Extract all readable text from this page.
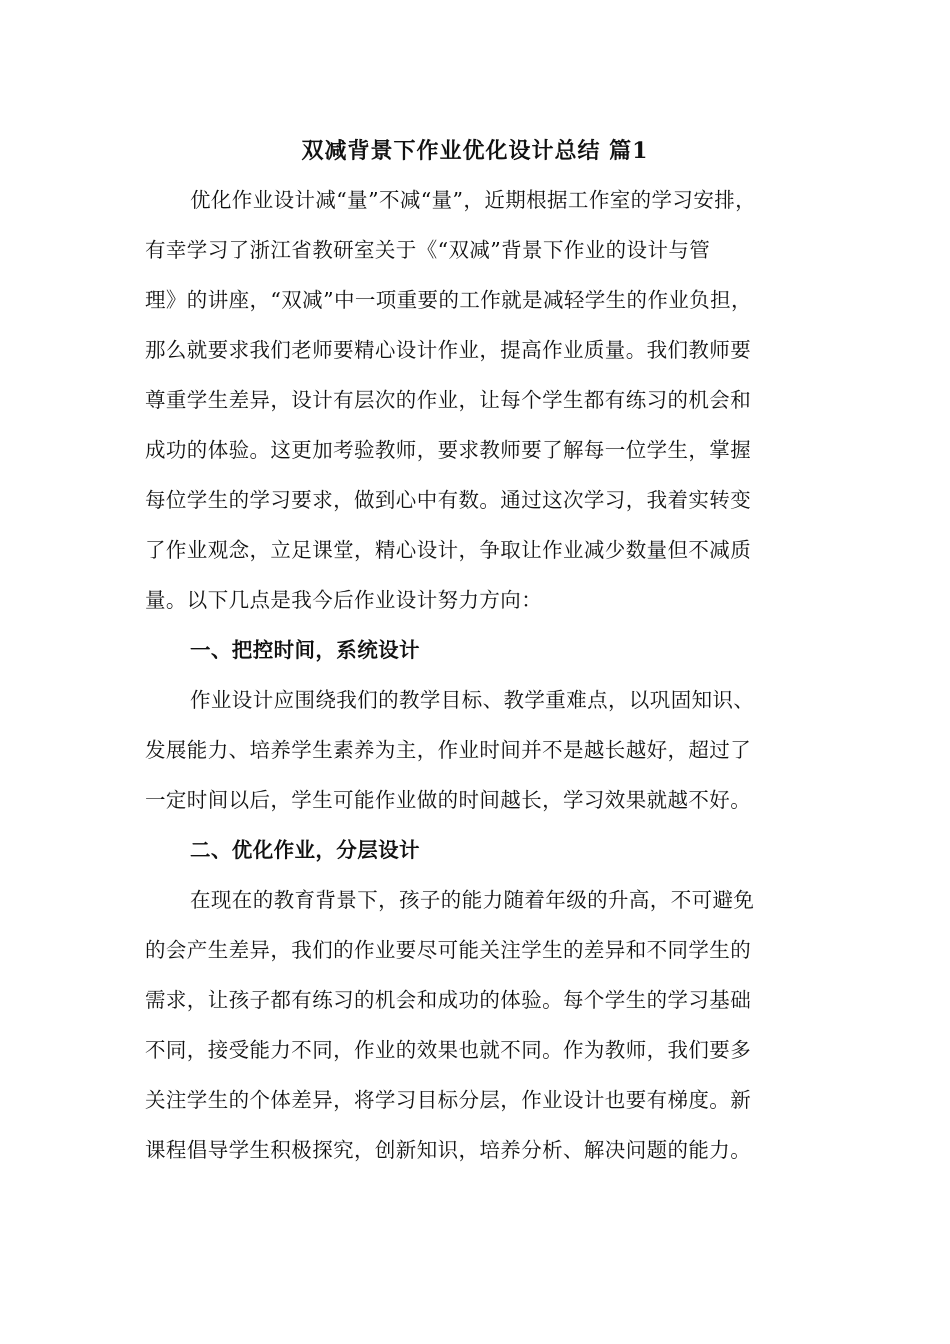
双减背景下作业优化设计总结 篇1
优化作业设计减“量”不减“量”，近期根据工作室的学习安排，
有幸学习了浙江省教研室关于《“双减”背景下作业的设计与管
理》的讲座，“双减”中一项重要的工作就是减轻学生的作业负担，
那么就要求我们老师要精心设计作业，提高作业质量。我们教师要
尊重学生差异，设计有层次的作业，让每个学生都有练习的机会和
成功的体验。这更加考验教师，要求教师要了解每一位学生，掌握
每位学生的学习要求，做到心中有数。通过这次学习，我着实转变
了作业观念，立足课堂，精心设计，争取让作业减少数量但不减质
量。以下几点是我今后作业设计努力方向：
一、把控时间，系统设计
作业设计应围绕我们的教学目标、教学重难点，以巩固知识、
发展能力、培养学生素养为主，作业时间并不是越长越好，超过了
一定时间以后，学生可能作业做的时间越长，学习效果就越不好。
二、优化作业，分层设计
在现在的教育背景下，孩子的能力随着年级的升高，不可避免
的会产生差异，我们的作业要尽可能关注学生的差异和不同学生的
需求，让孩子都有练习的机会和成功的体验。每个学生的学习基础
不同，接受能力不同，作业的效果也就不同。作为教师，我们要多
关注学生的个体差异，将学习目标分层，作业设计也要有梯度。新
课程倡导学生积极探究，创新知识，培养分析、解决问题的能力。
